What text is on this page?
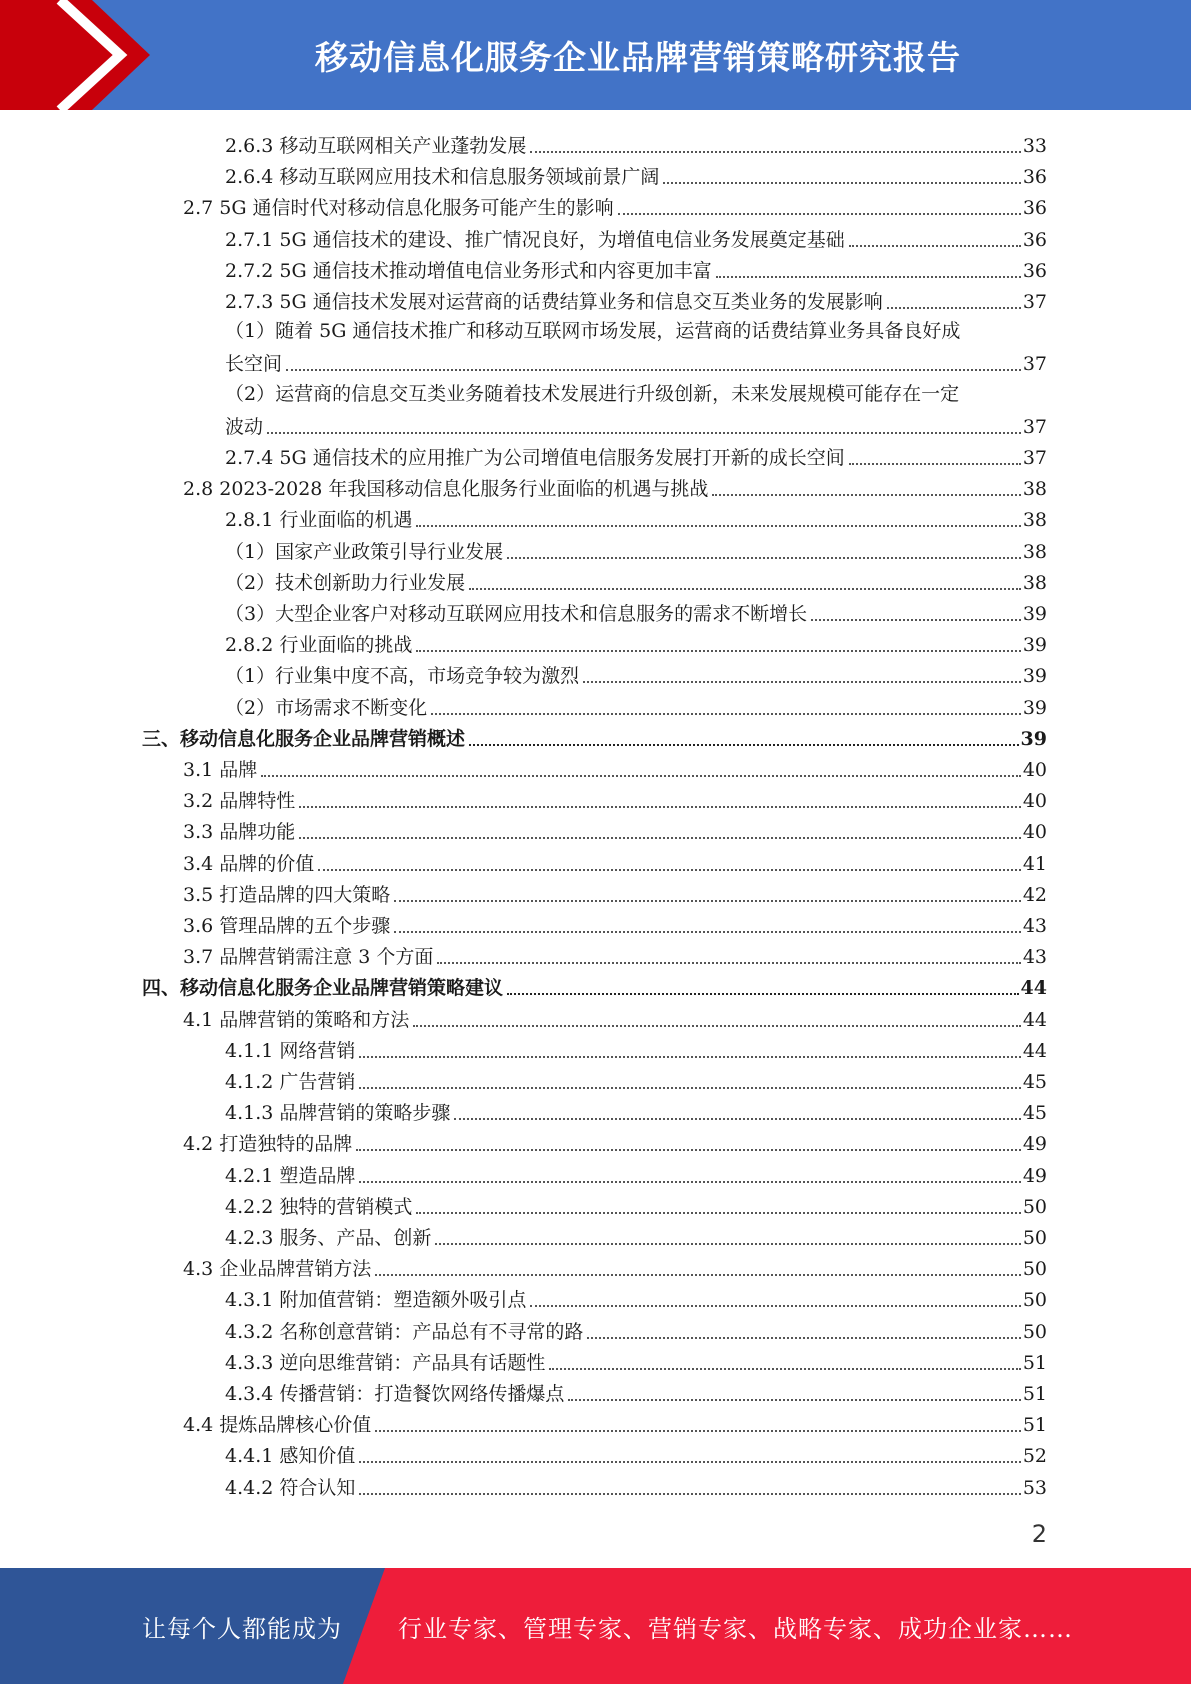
移动信息化服务企业品牌营销策略研究报告
2.6.3 移动互联网相关产业蓬勃发展	33
2.6.4 移动互联网应用技术和信息服务领域前景广阔	36
2.7 5G 通信时代对移动信息化服务可能产生的影响	36
2.7.1 5G 通信技术的建设、推广情况良好，为增值电信业务发展奠定基础	36
2.7.2 5G 通信技术推动增值电信业务形式和内容更加丰富	36
2.7.3 5G 通信技术发展对运营商的话费结算业务和信息交互类业务的发展影响	37
（1）随着 5G 通信技术推广和移动互联网市场发展，运营商的话费结算业务具备良好成
长空间	37
（2）运营商的信息交互类业务随着技术发展进行升级创新，未来发展规模可能存在一定
波动	37
2.7.4 5G 通信技术的应用推广为公司增值电信服务发展打开新的成长空间	37
2.8 2023-2028 年我国移动信息化服务行业面临的机遇与挑战	38
2.8.1 行业面临的机遇	38
（1）国家产业政策引导行业发展	38
（2）技术创新助力行业发展	38
（3）大型企业客户对移动互联网应用技术和信息服务的需求不断增长	39
2.8.2 行业面临的挑战	39
（1）行业集中度不高，市场竞争较为激烈	39
（2）市场需求不断变化	39
三、移动信息化服务企业品牌营销概述	39
3.1 品牌	40
3.2 品牌特性	40
3.3 品牌功能	40
3.4 品牌的价值	41
3.5 打造品牌的四大策略	42
3.6 管理品牌的五个步骤	43
3.7 品牌营销需注意 3 个方面	43
四、移动信息化服务企业品牌营销策略建议	44
4.1 品牌营销的策略和方法	44
4.1.1 网络营销	44
4.1.2 广告营销	45
4.1.3 品牌营销的策略步骤	45
4.2 打造独特的品牌	49
4.2.1 塑造品牌	49
4.2.2 独特的营销模式	50
4.2.3 服务、产品、创新	50
4.3 企业品牌营销方法	50
4.3.1 附加值营销：塑造额外吸引点	50
4.3.2 名称创意营销：产品总有不寻常的路	50
4.3.3 逆向思维营销：产品具有话题性	51
4.3.4 传播营销：打造餐饮网络传播爆点	51
4.4 提炼品牌核心价值	51
4.4.1 感知价值	52
4.4.2 符合认知	53
2
让每个人都能成为 行业专家、管理专家、营销专家、战略专家、成功企业家……
